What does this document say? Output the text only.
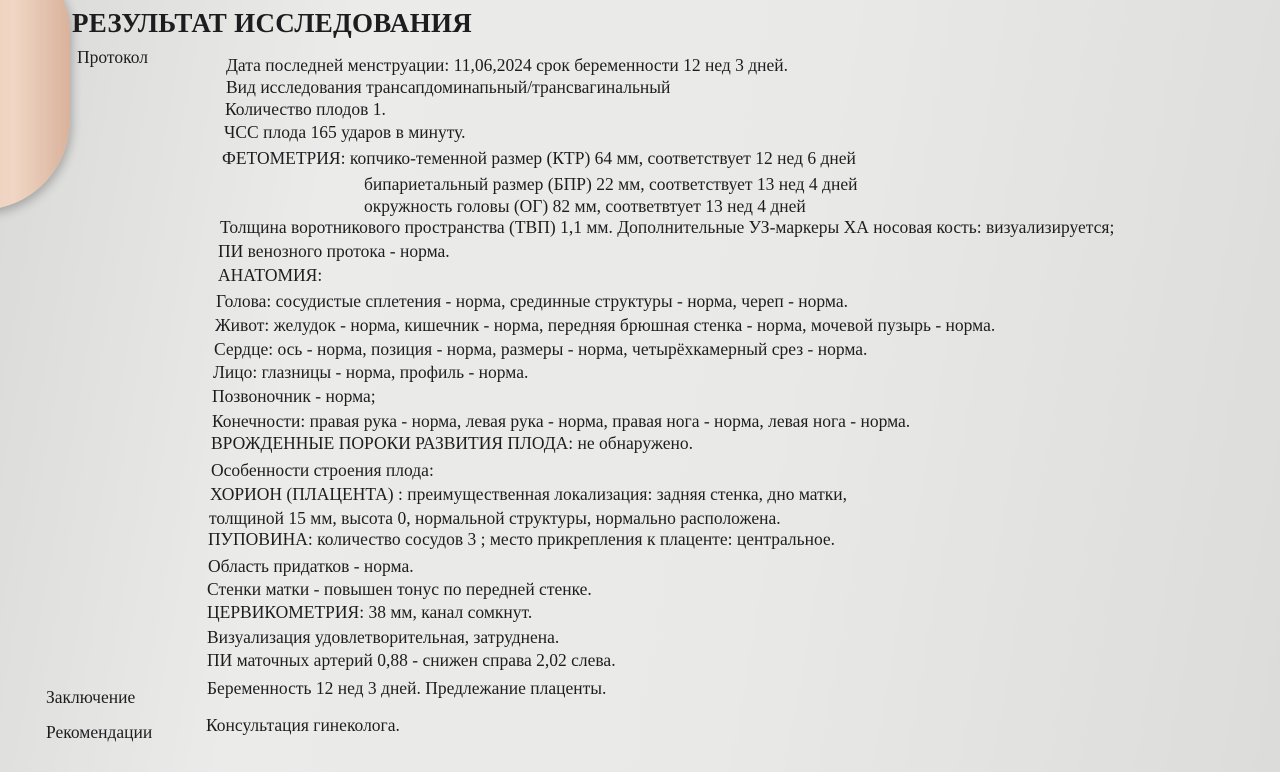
РЕЗУЛЬТАТ ИССЛЕДОВАНИЯ
Протокол	Дата последней менструации: 11,06,2024 срок беременности 12 нед 3 дней.
Вид исследования трансапдоминапьный/трансвагинальный
Количество плодов 1.
ЧСС плода 165 ударов в минуту.
ФЕТОМЕТРИЯ: копчико-теменной размер (КТР) 64 мм, соответствует 12 нед 6 дней
бипариетальный размер (БПР) 22 мм, соответствует 13 нед 4 дней
окружность головы (ОГ) 82 мм, соответвтует 13 нед 4 дней
Толщина воротникового пространства (ТВП) 1,1 мм. Дополнительные УЗ-маркеры ХА носовая кость: визуализируется;
ПИ венозного протока - норма.
АНАТОМИЯ:
Голова: сосудистые сплетения - норма, срединные структуры - норма, череп - норма.
Живот: желудок - норма, кишечник - норма, передняя брюшная стенка - норма, мочевой пузырь - норма.
Сердце: ось - норма, позиция - норма, размеры - норма, четырёхкамерный срез - норма.
Лицо: глазницы - норма, профиль - норма.
Позвоночник - норма;
Конечности: правая рука - норма, левая рука - норма, правая нога - норма, левая нога - норма.
ВРОЖДЕННЫЕ ПОРОКИ РАЗВИТИЯ ПЛОДА: не обнаружено.
Особенности строения плода:
ХОРИОН (ПЛАЦЕНТА) : преимущественная локализация: задняя стенка, дно матки,
толщиной 15 мм, высота 0, нормальной структуры, нормально расположена.
ПУПОВИНА: количество сосудов 3 ; место прикрепления к плаценте: центральное.
Область придатков - норма.
Стенки матки - повышен тонус по передней стенке.
ЦЕРВИКОМЕТРИЯ: 38 мм, канал сомкнут.
Визуализация удовлетворительная, затруднена.
ПИ маточных артерий 0,88 - снижен справа 2,02 слева.
Заключение	Беременность 12 нед 3 дней. Предлежание плаценты.
Рекомендации	Консультация гинеколога.
